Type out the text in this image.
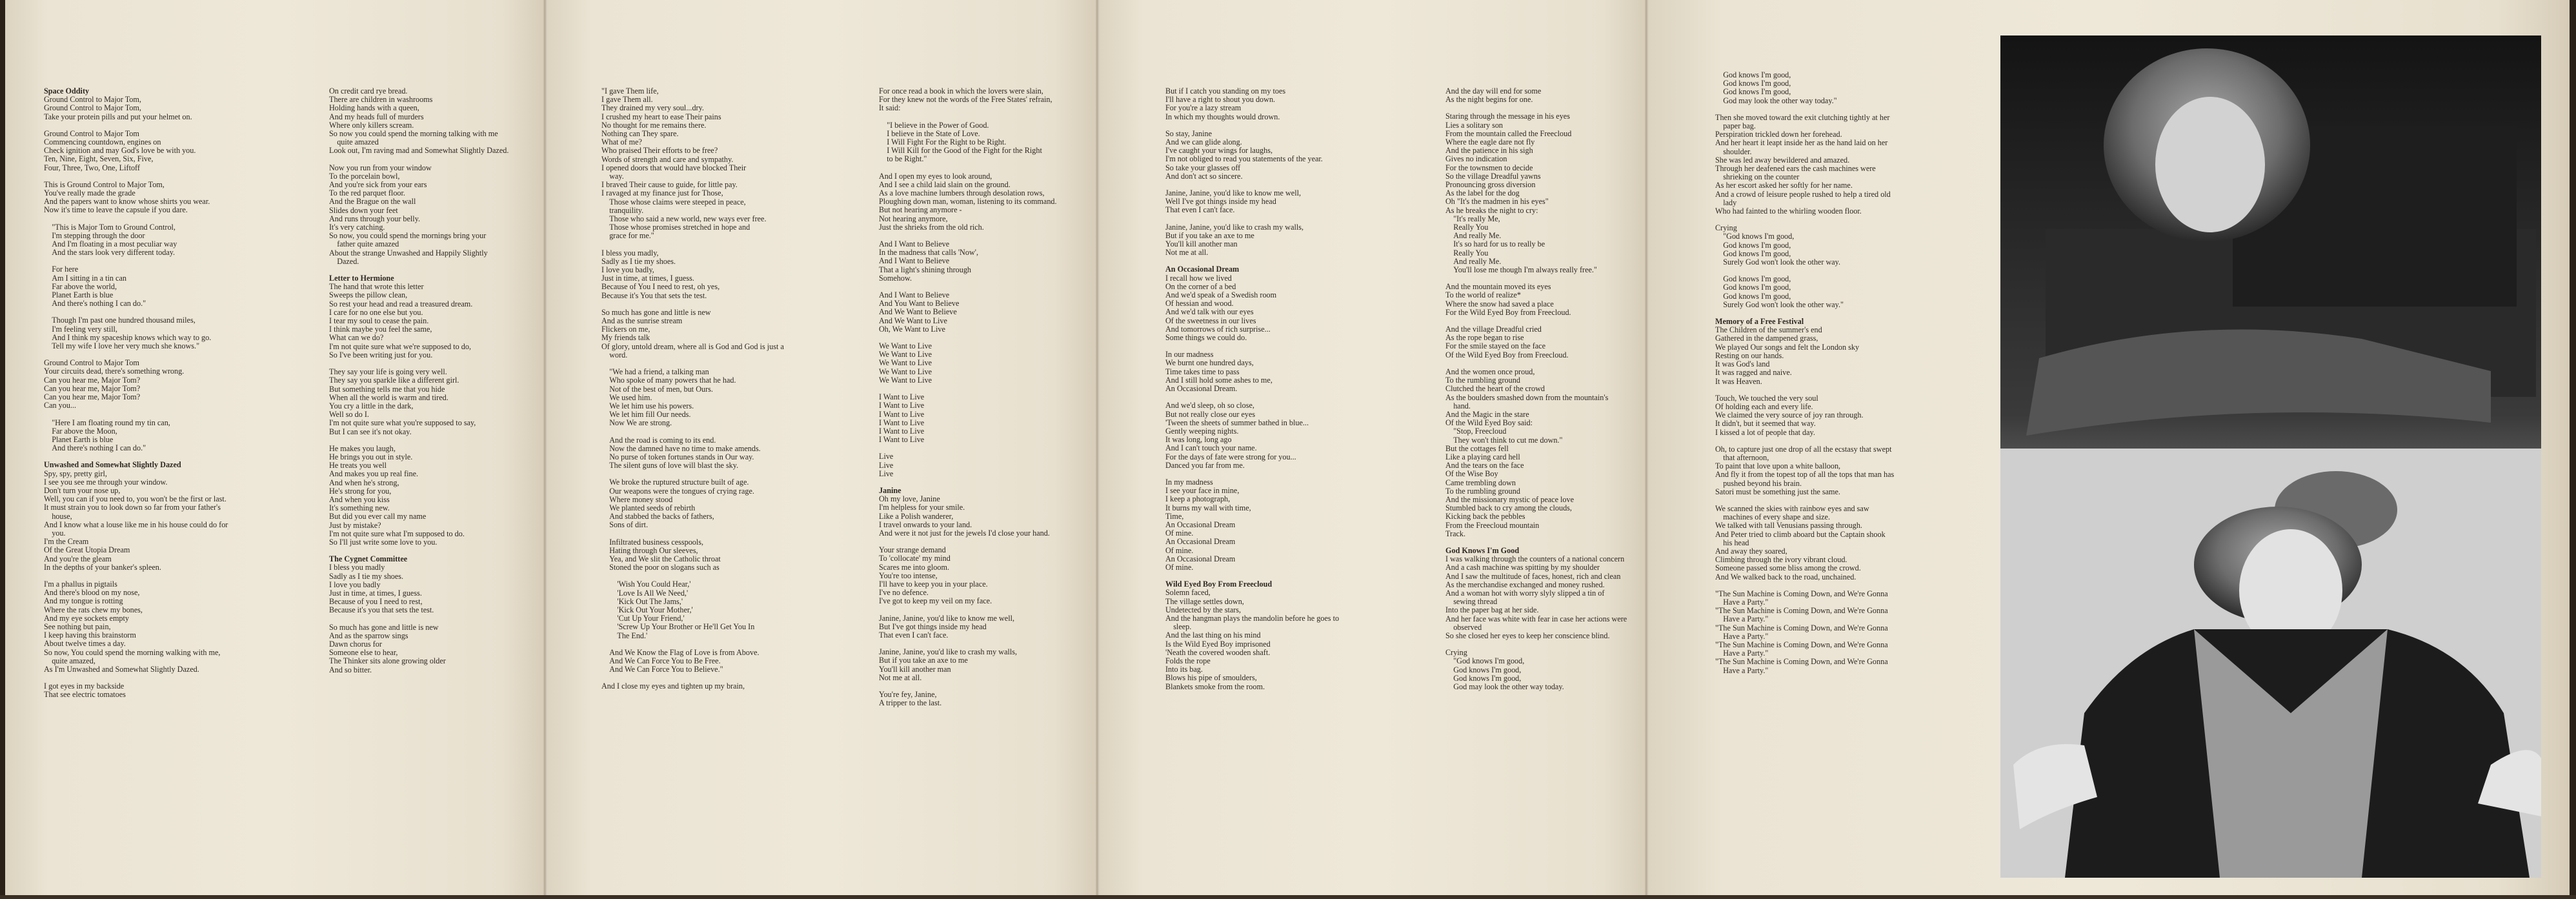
Space Oddity
Ground Control to Major Tom,
Ground Control to Major Tom,
Take your protein pills and put your helmet on.
Ground Control to Major Tom
Commencing countdown, engines on
Check ignition and may God's love be with you.
Ten, Nine, Eight, Seven, Six, Five,
Four, Three, Two, One, Liftoff
This is Ground Control to Major Tom,
You've really made the grade
And the papers want to know whose shirts you wear.
Now it's time to leave the capsule if you dare.
"This is Major Tom to Ground Control,
I'm stepping through the door
And I'm floating in a most peculiar way
And the stars look very different today.
For here
Am I sitting in a tin can
Far above the world,
Planet Earth is blue
And there's nothing I can do."
Though I'm past one hundred thousand miles,
I'm feeling very still,
And I think my spaceship knows which way to go.
Tell my wife I love her very much she knows."
Ground Control to Major Tom
Your circuits dead, there's something wrong.
Can you hear me, Major Tom?
Can you hear me, Major Tom?
Can you hear me, Major Tom?
Can you...
"Here I am floating round my tin can,
Far above the Moon,
Planet Earth is blue
And there's nothing I can do."
Unwashed and Somewhat Slightly Dazed
Spy, spy, pretty girl,
I see you see me through your window.
Don't turn your nose up,
Well, you can if you need to, you won't be the first or last.
It must strain you to look down so far from your father's
house,
And I know what a louse like me in his house could do for
you.
I'm the Cream
Of the Great Utopia Dream
And you're the gleam
In the depths of your banker's spleen.
I'm a phallus in pigtails
And there's blood on my nose,
And my tongue is rotting
Where the rats chew my bones,
And my eye sockets empty
See nothing but pain,
I keep having this brainstorm
About twelve times a day.
So now, You could spend the morning walking with me,
quite amazed,
As I'm Unwashed and Somewhat Slightly Dazed.
I got eyes in my backside
That see electric tomatoes
On credit card rye bread.
There are children in washrooms
Holding hands with a queen,
And my heads full of murders
Where only killers scream.
So now you could spend the morning talking with me
quite amazed
Look out, I'm raving mad and Somewhat Slightly Dazed.
Now you run from your window
To the porcelain bowl,
And you're sick from your ears
To the red parquet floor.
And the Brague on the wall
Slides down your feet
And runs through your belly.
It's very catching.
So now, you could spend the mornings bring your
father quite amazed
About the strange Unwashed and Happily Slightly
Dazed.
Letter to Hermione
The hand that wrote this letter
Sweeps the pillow clean,
So rest your head and read a treasured dream.
I care for no one else but you.
I tear my soul to cease the pain.
I think maybe you feel the same,
What can we do?
I'm not quite sure what we're supposed to do,
So I've been writing just for you.
They say your life is going very well.
They say you sparkle like a different girl.
But something tells me that you hide
When all the world is warm and tired.
You cry a little in the dark,
Well so do I.
I'm not quite sure what you're supposed to say,
But I can see it's not okay.
He makes you laugh,
He brings you out in style.
He treats you well
And makes you up real fine.
And when he's strong,
He's strong for you,
And when you kiss
It's something new.
But did you ever call my name
Just by mistake?
I'm not quite sure what I'm supposed to do.
So I'll just write some love to you.
The Cygnet Committee
I bless you madly
Sadly as I tie my shoes.
I love you badly
Just in time, at times, I guess.
Because of you I need to rest,
Because it's you that sets the test.
So much has gone and little is new
And as the sparrow sings
Dawn chorus for
Someone else to hear,
The Thinker sits alone growing older
And so bitter.
"I gave Them life,
I gave Them all.
They drained my very soul...dry.
I crushed my heart to ease Their pains
No thought for me remains there.
Nothing can They spare.
What of me?
Who praised Their efforts to be free?
Words of strength and care and sympathy.
I opened doors that would have blocked Their
way.
I braved Their cause to guide, for little pay.
I ravaged at my finance just for Those,
Those whose claims were steeped in peace,
tranquility.
Those who said a new world, new ways ever free.
Those whose promises stretched in hope and
grace for me."
I bless you madly,
Sadly as I tie my shoes.
I love you badly,
Just in time, at times, I guess.
Because of You I need to rest, oh yes,
Because it's You that sets the test.
So much has gone and little is new
And as the sunrise stream
Flickers on me,
My friends talk
Of glory, untold dream, where all is God and God is just a
word.
"We had a friend, a talking man
Who spoke of many powers that he had.
Not of the best of men, but Ours.
We used him.
We let him use his powers.
We let him fill Our needs.
Now We are strong.
And the road is coming to its end.
Now the damned have no time to make amends.
No purse of token fortunes stands in Our way.
The silent guns of love will blast the sky.
We broke the ruptured structure built of age.
Our weapons were the tongues of crying rage.
Where money stood
We planted seeds of rebirth
And stabbed the backs of fathers,
Sons of dirt.
Infiltrated business cesspools,
Hating through Our sleeves,
Yea, and We slit the Catholic throat
Stoned the poor on slogans such as
'Wish You Could Hear,'
'Love Is All We Need,'
'Kick Out The Jams,'
'Kick Out Your Mother,'
'Cut Up Your Friend,'
'Screw Up Your Brother or He'll Get You In
The End.'
And We Know the Flag of Love is from Above.
And We Can Force You to Be Free.
And We Can Force You to Believe."
And I close my eyes and tighten up my brain,
For once read a book in which the lovers were slain,
For they knew not the words of the Free States' refrain,
It said:
"I believe in the Power of Good.
I believe in the State of Love.
I Will Fight For the Right to be Right.
I Will Kill for the Good of the Fight for the Right
to be Right."
And I open my eyes to look around,
And I see a child laid slain on the ground.
As a love machine lumbers through desolation rows,
Ploughing down man, woman, listening to its command.
But not hearing anymore -
Not hearing anymore,
Just the shrieks from the old rich.
And I Want to Believe
In the madness that calls 'Now',
And I Want to Believe
That a light's shining through
Somehow.
And I Want to Believe
And You Want to Believe
And We Want to Believe
And We Want to Live
Oh, We Want to Live
We Want to Live
We Want to Live
We Want to Live
We Want to Live
We Want to Live
I Want to Live
I Want to Live
I Want to Live
I Want to Live
I Want to Live
I Want to Live
Live
Live
Live
Janine
Oh my love, Janine
I'm helpless for your smile.
Like a Polish wanderer,
I travel onwards to your land.
And were it not just for the jewels I'd close your hand.
Your strange demand
To 'collocate' my mind
Scares me into gloom.
You're too intense,
I'll have to keep you in your place.
I've no defence.
I've got to keep my veil on my face.
Janine, Janine, you'd like to know me well,
But I've got things inside my head
That even I can't face.
Janine, Janine, you'd like to crash my walls,
But if you take an axe to me
You'll kill another man
Not me at all.
You're fey, Janine,
A tripper to the last.
But if I catch you standing on my toes
I'll have a right to shout you down.
For you're a lazy stream
In which my thoughts would drown.
So stay, Janine
And we can glide along.
I've caught your wings for laughs,
I'm not obliged to read you statements of the year.
So take your glasses off
And don't act so sincere.
Janine, Janine, you'd like to know me well,
Well I've got things inside my head
That even I can't face.
Janine, Janine, you'd like to crash my walls,
But if you take an axe to me
You'll kill another man
Not me at all.
An Occasional Dream
I recall how we lived
On the corner of a bed
And we'd speak of a Swedish room
Of hessian and wood.
And we'd talk with our eyes
Of the sweetness in our lives
And tomorrows of rich surprise...
Some things we could do.
In our madness
We burnt one hundred days,
Time takes time to pass
And I still hold some ashes to me,
An Occasional Dream.
And we'd sleep, oh so close,
But not really close our eyes
'Tween the sheets of summer bathed in blue...
Gently weeping nights.
It was long, long ago
And I can't touch your name.
For the days of fate were strong for you...
Danced you far from me.
In my madness
I see your face in mine,
I keep a photograph,
It burns my wall with time,
Time,
An Occasional Dream
Of mine.
An Occasional Dream
Of mine.
An Occasional Dream
Of mine.
Wild Eyed Boy From Freecloud
Solemn faced,
The village settles down,
Undetected by the stars,
And the hangman plays the mandolin before he goes to
sleep.
And the last thing on his mind
Is the Wild Eyed Boy imprisoned
'Neath the covered wooden shaft.
Folds the rope
Into its bag.
Blows his pipe of smoulders,
Blankets smoke from the room.
And the day will end for some
As the night begins for one.
Staring through the message in his eyes
Lies a solitary son
From the mountain called the Freecloud
Where the eagle dare not fly
And the patience in his sigh
Gives no indication
For the townsmen to decide
So the village Dreadful yawns
Pronouncing gross diversion
As the label for the dog
Oh "It's the madmen in his eyes"
As he breaks the night to cry:
"It's really Me,
Really You
And really Me.
It's so hard for us to really be
Really You
And really Me.
You'll lose me though I'm always really free."
And the mountain moved its eyes
To the world of realize*
Where the snow had saved a place
For the Wild Eyed Boy from Freecloud.
And the village Dreadful cried
As the rope began to rise
For the smile stayed on the face
Of the Wild Eyed Boy from Freecloud.
And the women once proud,
To the rumbling ground
Clutched the heart of the crowd
As the boulders smashed down from the mountain's
hand.
And the Magic in the stare
Of the Wild Eyed Boy said:
"Stop, Freecloud
They won't think to cut me down."
But the cottages fell
Like a playing card hell
And the tears on the face
Of the Wise Boy
Came trembling down
To the rumbling ground
And the missionary mystic of peace love
Stumbled back to cry among the clouds,
Kicking back the pebbles
From the Freecloud mountain
Track.
God Knows I'm Good
I was walking through the counters of a national concern
And a cash machine was spitting by my shoulder
And I saw the multitude of faces, honest, rich and clean
As the merchandise exchanged and money rushed.
And a woman hot with worry slyly slipped a tin of
sewing thread
Into the paper bag at her side.
And her face was white with fear in case her actions were
observed
So she closed her eyes to keep her conscience blind.
Crying
"God knows I'm good,
God knows I'm good,
God knows I'm good,
God may look the other way today.
God knows I'm good,
God knows I'm good,
God knows I'm good,
God may look the other way today."
Then she moved toward the exit clutching tightly at her
paper bag.
Perspiration trickled down her forehead.
And her heart it leapt inside her as the hand laid on her
shoulder.
She was led away bewildered and amazed.
Through her deafened ears the cash machines were
shrieking on the counter
As her escort asked her softly for her name.
And a crowd of leisure people rushed to help a tired old
lady
Who had fainted to the whirling wooden floor.
Crying
"God knows I'm good,
God knows I'm good,
God knows I'm good,
Surely God won't look the other way.
God knows I'm good,
God knows I'm good,
God knows I'm good,
Surely God won't look the other way."
Memory of a Free Festival
The Children of the summer's end
Gathered in the dampened grass,
We played Our songs and felt the London sky
Resting on our hands.
It was God's land
It was ragged and naive.
It was Heaven.
Touch, We touched the very soul
Of holding each and every life.
We claimed the very source of joy ran through.
It didn't, but it seemed that way.
I kissed a lot of people that day.
Oh, to capture just one drop of all the ecstasy that swept
that afternoon,
To paint that love upon a white balloon,
And fly it from the topest top of all the tops that man has
pushed beyond his brain.
Satori must be something just the same.
We scanned the skies with rainbow eyes and saw
machines of every shape and size.
We talked with tall Venusians passing through.
And Peter tried to climb aboard but the Captain shook
his head
And away they soared,
Climbing through the ivory vibrant cloud.
Someone passed some bliss among the crowd.
And We walked back to the road, unchained.
"The Sun Machine is Coming Down, and We're Gonna
Have a Party."
"The Sun Machine is Coming Down, and We're Gonna
Have a Party."
"The Sun Machine is Coming Down, and We're Gonna
Have a Party."
"The Sun Machine is Coming Down, and We're Gonna
Have a Party."
"The Sun Machine is Coming Down, and We're Gonna
Have a Party."
